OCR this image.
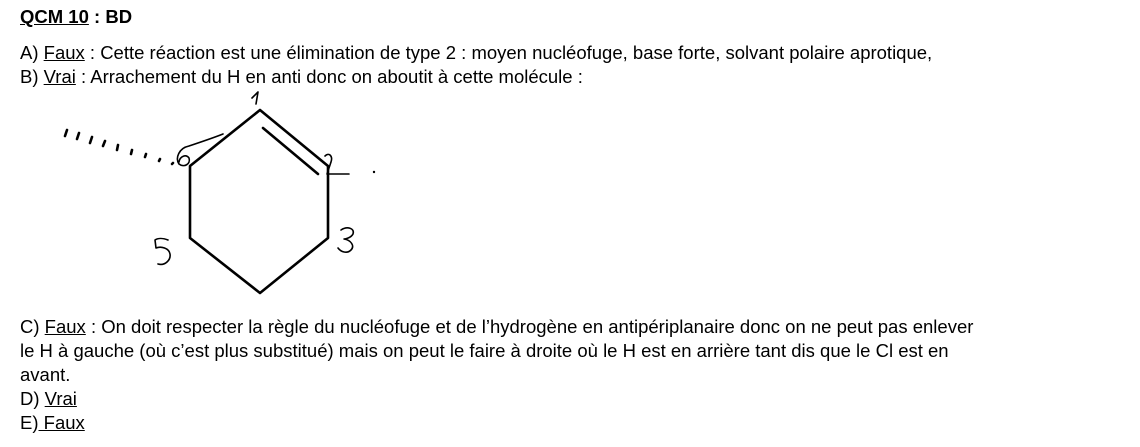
QCM 10 : BD
A) Faux : Cette réaction est une élimination de type 2 : moyen nucléofuge, base forte, solvant polaire aprotique,
B) Vrai : Arrachement du H en anti donc on aboutit à cette molécule :
C) Faux : On doit respecter la règle du nucléofuge et de l’hydrogène en antipériplanaire donc on ne peut pas enlever
le H à gauche (où c’est plus substitué) mais on peut le faire à droite où le H est en arrière tant dis que le Cl est en
avant.
D) Vrai
E) Faux
